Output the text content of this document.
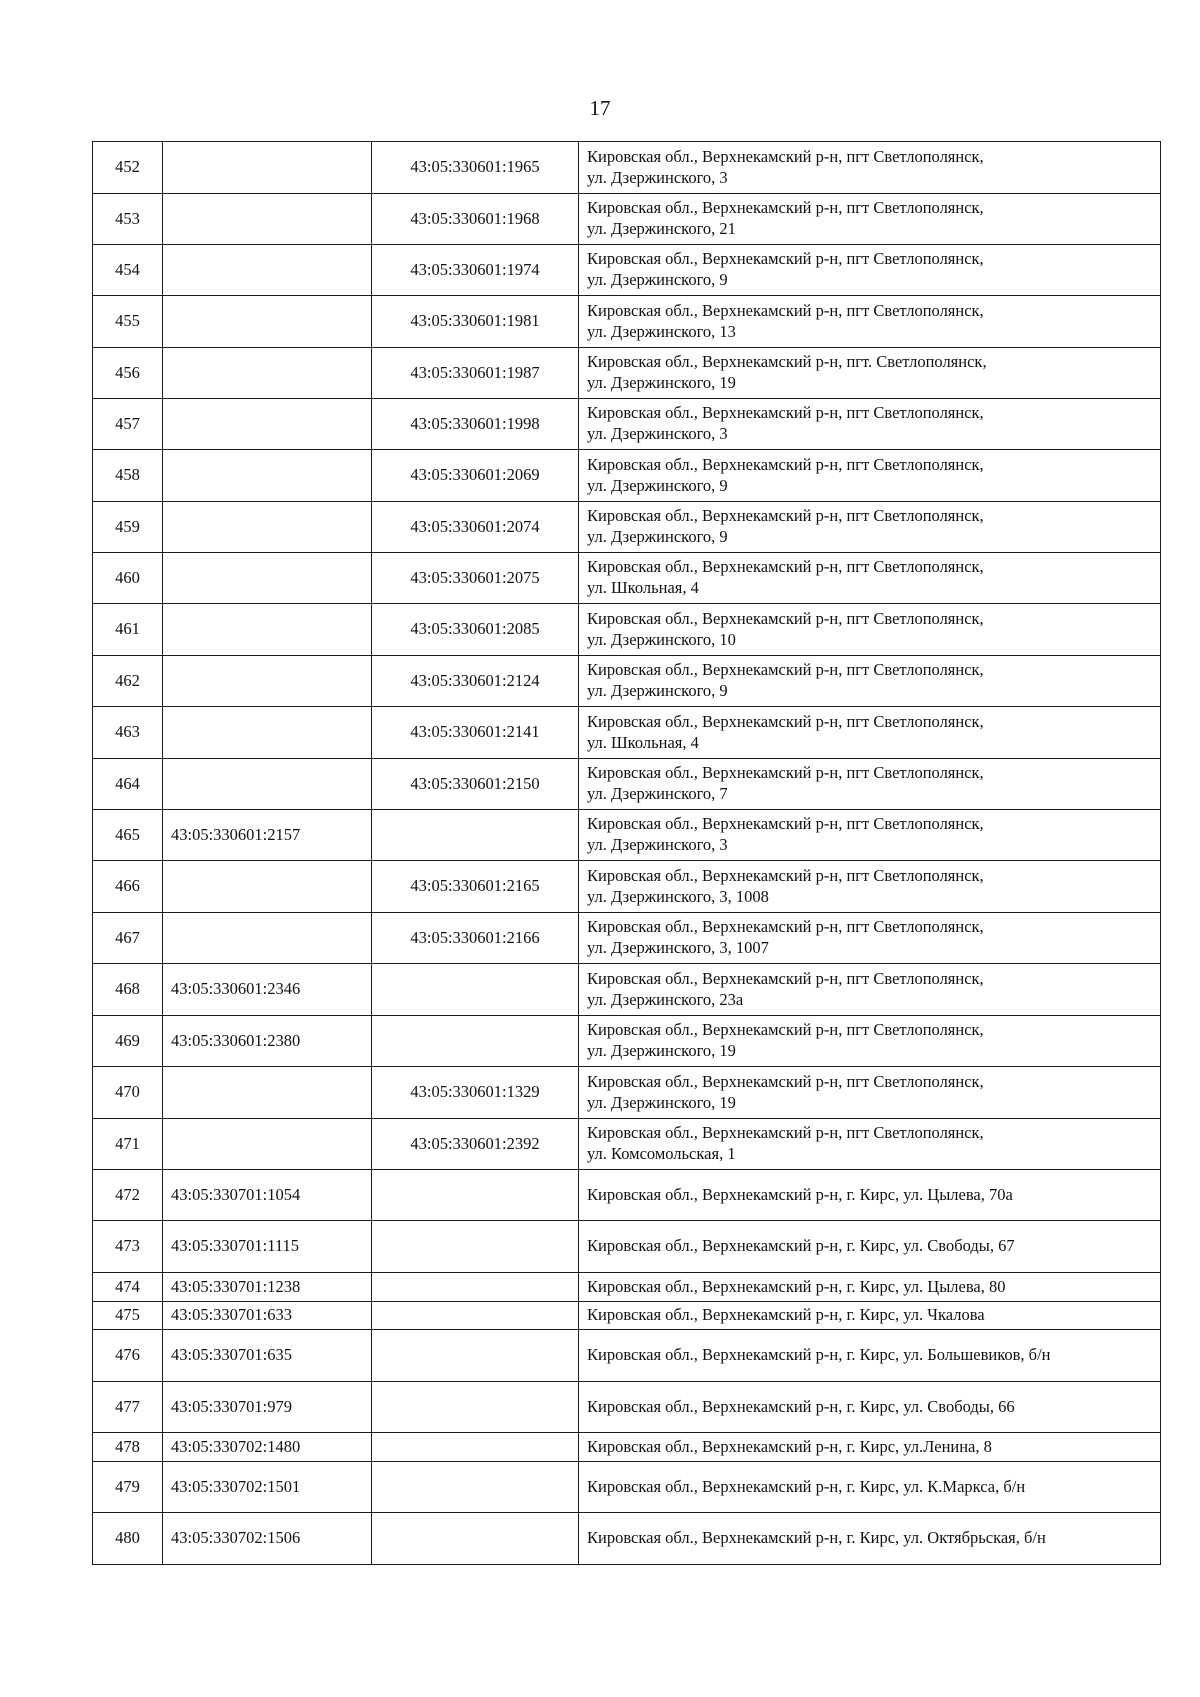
17
452		43:05:330601:1965	Кировская обл., Верхнекамский р-н, пгт Светлополянск,
ул. Дзержинского, 3

453		43:05:330601:1968	Кировская обл., Верхнекамский р-н, пгт Светлополянск,
ул. Дзержинского, 21

454		43:05:330601:1974	Кировская обл., Верхнекамский р-н, пгт Светлополянск,
ул. Дзержинского, 9

455		43:05:330601:1981	Кировская обл., Верхнекамский р-н, пгт Светлополянск,
ул. Дзержинского, 13

456		43:05:330601:1987	Кировская обл., Верхнекамский р-н, пгт. Светлополянск,
ул. Дзержинского, 19

457		43:05:330601:1998	Кировская обл., Верхнекамский р-н, пгт Светлополянск,
ул. Дзержинского, 3

458		43:05:330601:2069	Кировская обл., Верхнекамский р-н, пгт Светлополянск,
ул. Дзержинского, 9

459		43:05:330601:2074	Кировская обл., Верхнекамский р-н, пгт Светлополянск,
ул. Дзержинского, 9

460		43:05:330601:2075	Кировская обл., Верхнекамский р-н, пгт Светлополянск,
ул. Школьная, 4

461		43:05:330601:2085	Кировская обл., Верхнекамский р-н, пгт Светлополянск,
ул. Дзержинского, 10

462		43:05:330601:2124	Кировская обл., Верхнекамский р-н, пгт Светлополянск,
ул. Дзержинского, 9

463		43:05:330601:2141	Кировская обл., Верхнекамский р-н, пгт Светлополянск,
ул. Школьная, 4

464		43:05:330601:2150	Кировская обл., Верхнекамский р-н, пгт Светлополянск,
ул. Дзержинского, 7

465	43:05:330601:2157		Кировская обл., Верхнекамский р-н, пгт Светлополянск,
ул. Дзержинского, 3

466		43:05:330601:2165	Кировская обл., Верхнекамский р-н, пгт Светлополянск,
ул. Дзержинского, 3, 1008

467		43:05:330601:2166	Кировская обл., Верхнекамский р-н, пгт Светлополянск,
ул. Дзержинского, 3, 1007

468	43:05:330601:2346		Кировская обл., Верхнекамский р-н, пгт Светлополянск,
ул. Дзержинского, 23а

469	43:05:330601:2380		Кировская обл., Верхнекамский р-н, пгт Светлополянск,
ул. Дзержинского, 19

470		43:05:330601:1329	Кировская обл., Верхнекамский р-н, пгт Светлополянск,
ул. Дзержинского, 19

471		43:05:330601:2392	Кировская обл., Верхнекамский р-н, пгт Светлополянск,
ул. Комсомольская, 1

472	43:05:330701:1054		Кировская обл., Верхнекамский р-н, г. Кирс, ул. Цылева, 70а

473	43:05:330701:1115		Кировская обл., Верхнекамский р-н, г. Кирс, ул. Свободы, 67

474	43:05:330701:1238		Кировская обл., Верхнекамский р-н, г. Кирс, ул. Цылева, 80

475	43:05:330701:633		Кировская обл., Верхнекамский р-н, г. Кирс, ул. Чкалова

476	43:05:330701:635		Кировская обл., Верхнекамский р-н, г. Кирс, ул. Большевиков, б/н

477	43:05:330701:979		Кировская обл., Верхнекамский р-н, г. Кирс, ул. Свободы, 66

478	43:05:330702:1480		Кировская обл., Верхнекамский р-н, г. Кирс, ул.Ленина, 8

479	43:05:330702:1501		Кировская обл., Верхнекамский р-н, г. Кирс, ул. К.Маркса, б/н

480	43:05:330702:1506		Кировская обл., Верхнекамский р-н, г. Кирс, ул. Октябрьская, б/н
